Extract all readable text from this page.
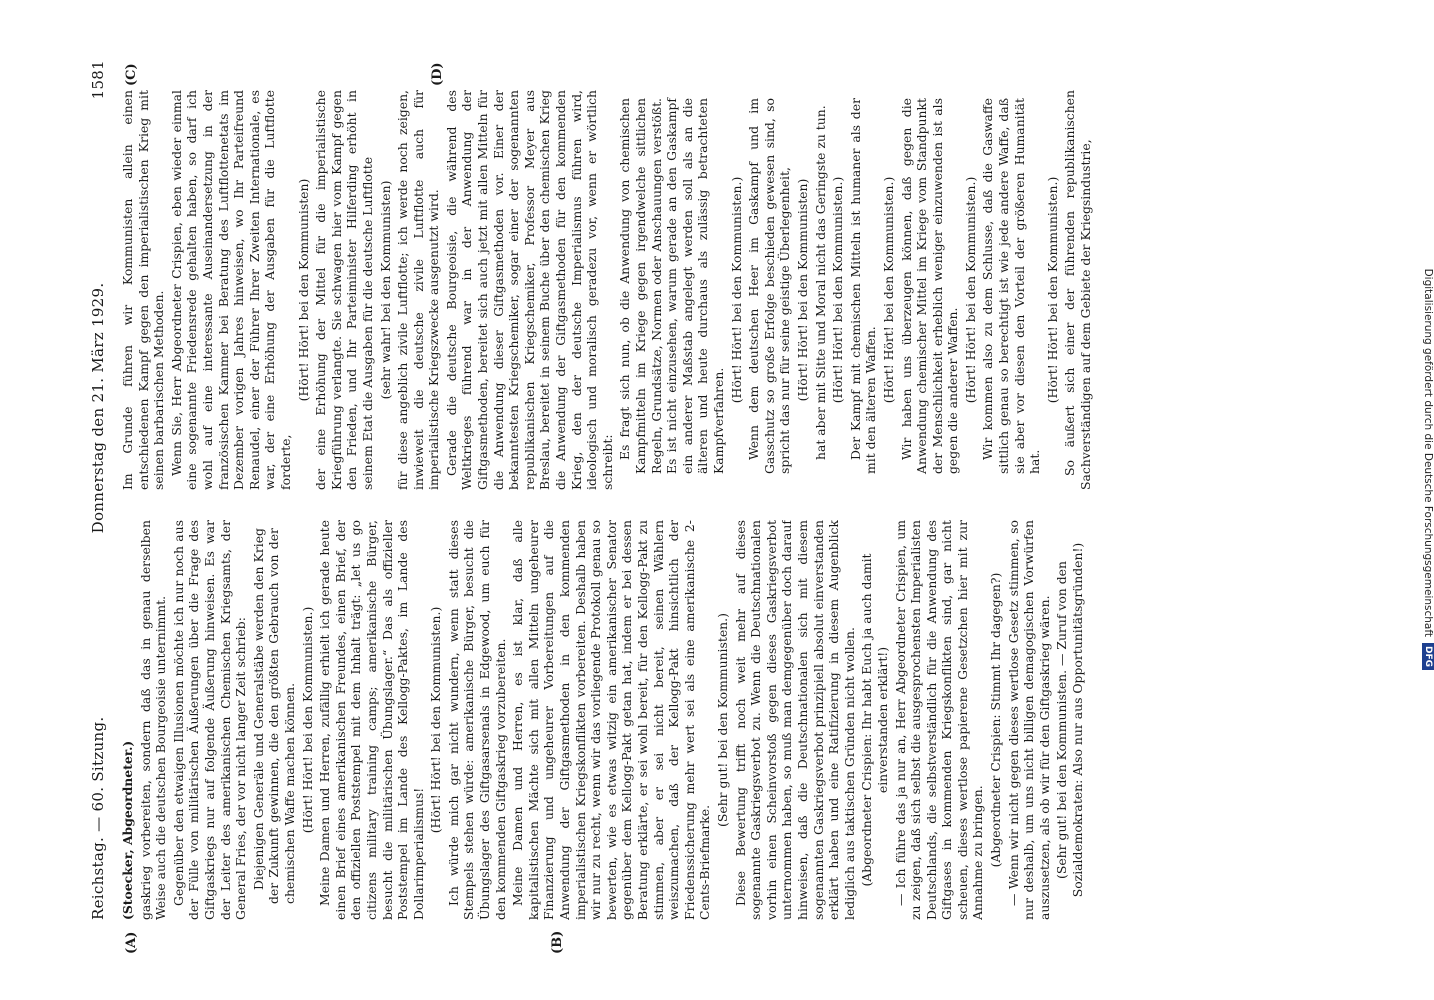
Reichstag. — 60. Sitzung.
Donnerstag den 21. März 1929.
1581
(A)	(B)
(C)	(D)

(Stoecker, Abgeordneter.) gaskrieg vorbereiten, sondern daß das in genau derselben Weise auch die deutschen Bourgeoisie unternimmt. Gegenüber den etwaigen Illusionen möchte ich nur noch aus der Fülle von militärischen Äußerungen über die Frage des Giftgaskriegs nur auf folgende Äußerung hinweisen. Es war der Leiter des amerikanischen Chemischen Kriegsamts, der General Fries, der vor nicht langer Zeit schrieb: Diejenigen Generäle und Generalstäbe werden den Krieg der Zukunft gewinnen, die den größten Gebrauch von der chemischen Waffe machen können. (Hört! Hört! bei den Kommunisten.) Meine Damen und Herren, zufällig erhielt ich gerade heute einen Brief eines amerikanischen Freundes, einen Brief, der den offiziellen Poststempel mit dem Inhalt trägt: „let us go citizens military training camps; amerikanische Bürger, besucht die militärischen Übungslager.“ Das als offizieller Poststempel im Lande des Kellogg-Paktes, im Lande des Dollarimperialismus!

(Hört! Hört! bei den Kommunisten.) Ich würde mich gar nicht wundern, wenn statt dieses Stempels stehen würde: amerikanische Bürger, besucht die Übungslager des Giftgasarsenals in Edgewood, um euch für den kommenden Giftgaskrieg vorzubereiten. Meine Damen und Herren, es ist klar, daß alle kapitalistischen Mächte sich mit allen Mitteln ungeheurer Finanzierung und ungeheurer Vorbereitungen auf die Anwendung der Giftgasmethoden in den kommenden imperialistischen Kriegskonflikten vorbereiten. Deshalb haben wir nur zu recht, wenn wir das vorliegende Protokoll genau so bewerten, wie es etwas witzig ein amerikanischer Senator gegenüber dem Kellogg-Pakt getan hat, indem er bei dessen Beratung erklärte, er sei wohl bereit, für den Kellogg-Pakt zu stimmen, aber er sei nicht bereit, seinen Wählern weiszumachen, daß der Kellogg-Pakt hinsichtlich der Friedenssicherung mehr wert sei als eine amerikanische 2-Cents-Briefmarke.

(Sehr gut! bei den Kommunisten.) Diese Bewertung trifft noch weit mehr auf dieses sogenannte Gaskriegsverbot zu. Wenn die Deutschnationalen vorhin einen Scheinvorstoß gegen dieses Gaskriegsverbot unternommen haben, so muß man demgegenüber doch darauf hinweisen, daß die Deutschnationalen sich mit diesem sogenannten Gaskriegsverbot prinzipiell absolut einverstanden erklärt haben und eine Ratifizierung in diesem Augenblick lediglich aus taktischen Gründen nicht wollen. (Abgeordneter Crispien: Ihr habt Euch ja auch damit einverstanden erklärt!) — Ich führe das ja nur an, Herr Abgeordneter Crispien, um zu zeigen, daß sich selbst die ausgesprochensten Imperialisten Deutschlands, die selbstverständlich für die Anwendung des Giftgases in kommenden Kriegskonflikten sind, gar nicht scheuen, dieses wertlose papierene Gesetzchen hier mit zur Annahme zu bringen. (Abgeordneter Crispien: Stimmt Ihr dagegen?) — Wenn wir nicht gegen dieses wertlose Gesetz stimmen, so nur deshalb, um uns nicht billigen demagogischen Vorwürfen auszusetzen, als ob wir für den Giftgaskrieg wären. (Sehr gut! bei den Kommunisten. — Zuruf von den Sozialdemokraten: Also nur aus Opportunitätsgründen!)

Im Grunde führen wir Kommunisten allein einen entschiedenen Kampf gegen den imperialistischen Krieg mit seinen barbarischen Methoden. Wenn Sie, Herr Abgeordneter Crispien, eben wieder einmal eine sogenannte Friedensrede gehalten haben, so darf ich wohl auf eine interessante Auseinandersetzung in der französischen Kammer bei Beratung des Luftflottenetats im Dezember vorigen Jahres hinweisen, wo Ihr Parteifreund Renaudel, einer der Führer Ihrer Zweiten Internationale, es war, der eine Erhöhung der Ausgaben für die Luftflotte forderte,

(Hört! Hört! bei den Kommunisten) der eine Erhöhung der Mittel für die imperialistische Kriegführung verlangte. Sie schwagen hier vom Kampf gegen den Frieden, und Ihr Parteiminister Hilferding erhöht in seinem Etat die Ausgaben für die deutsche Luftflotte (sehr wahr! bei den Kommunisten) für diese angeblich zivile Luftflotte; ich werde noch zeigen, inwieweit die deutsche zivile Luftflotte auch für imperialistische Kriegszwecke ausgenutzt wird. Gerade die deutsche Bourgeoisie, die während des Weltkrieges führend war in der Anwendung der Giftgasmethoden, bereitet sich auch jetzt mit allen Mitteln für die Anwendung dieser Giftgasmethoden vor. Einer der bekanntesten Kriegschemiker, sogar einer der sogenannten republikanischen Kriegschemiker, Professor Meyer aus Breslau, bereitet in seinem Buche über den chemischen Krieg die Anwendung der Giftgasmethoden für den kommenden Krieg, den der deutsche Imperialismus führen wird, ideologisch und moralisch geradezu vor, wenn er wörtlich schreibt:

Es fragt sich nun, ob die Anwendung von chemischen Kampfmitteln im Kriege gegen irgendwelche sittlichen Regeln, Grundsätze, Normen oder Anschauungen verstößt. Es ist nicht einzusehen, warum gerade an den Gaskampf ein anderer Maßstab angelegt werden soll als an die älteren und heute durchaus als zulässig betrachteten Kampfverfahren.

(Hört! Hört! bei den Kommunisten.) Wenn dem deutschen Heer im Gaskampf und im Gasschutz so große Erfolge beschieden gewesen sind, so spricht das nur für seine geistige Überlegenheit, (Hört! Hört! bei den Kommunisten) hat aber mit Sitte und Moral nicht das Geringste zu tun. (Hört! Hört! bei den Kommunisten.) Der Kampf mit chemischen Mitteln ist humaner als der mit den älteren Waffen. (Hört! Hört! bei den Kommunisten.) Wir haben uns überzeugen können, daß gegen die Anwendung chemischer Mittel im Kriege vom Standpunkt der Menschlichkeit erheblich weniger einzuwenden ist als gegen die anderer Waffen. (Hört! Hört! bei den Kommunisten.) Wir kommen also zu dem Schlusse, daß die Gaswaffe sittlich genau so berechtigt ist wie jede andere Waffe, daß sie aber vor diesen den Vorteil der größeren Humanität hat.

(Hört! Hört! bei den Kommunisten.) So äußert sich einer der führenden republikanischen Sachverständigen auf dem Gebiete der Kriegsindustrie,	Digitalisierung gefördert durch die Deutsche Forschungsgemeinschaft
DFG
